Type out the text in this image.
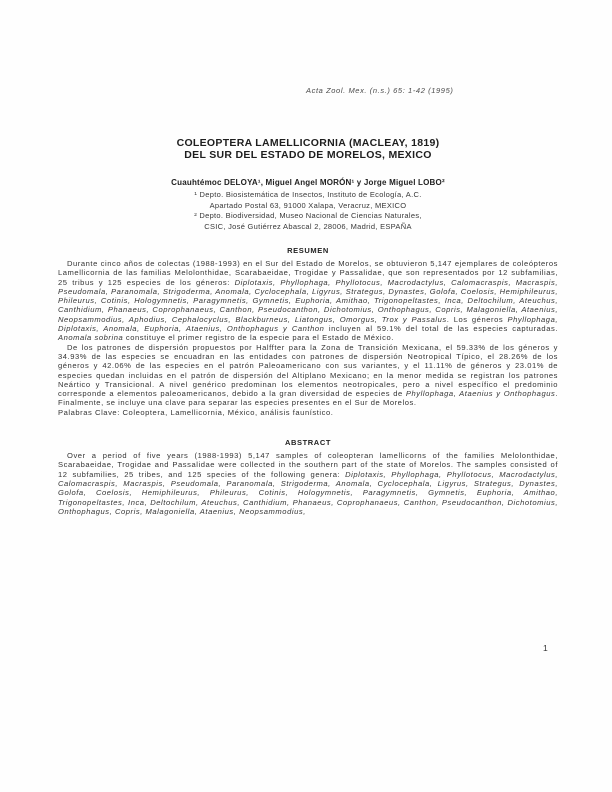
Acta Zool. Mex. (n.s.) 65: 1-42 (1995)
COLEOPTERA LAMELLICORNIA (MACLEAY, 1819)
DEL SUR DEL ESTADO DE MORELOS, MEXICO
Cuauhtémoc DELOYA¹, Miguel Angel MORÓN¹ y Jorge Miguel LOBO²
¹ Depto. Biosistemática de Insectos, Instituto de Ecología, A.C.
Apartado Postal 63, 91000 Xalapa, Veracruz, MEXICO
² Depto. Biodiversidad, Museo Nacional de Ciencias Naturales,
CSIC, José Gutiérrez Abascal 2, 28006, Madrid, ESPAÑA
RESUMEN

Durante cinco años de colectas (1988-1993) en el Sur del Estado de Morelos, se obtuvieron 5,147 ejemplares de coleópteros Lamellicornia de las familias Melolonthidae, Scarabaeidae, Trogidae y Passalidae, que son representados por 12 subfamilias, 25 tribus y 125 especies de los géneros: Diplotaxis, Phyllophaga, Phyllotocus, Macrodactylus, Calomacraspis, Macraspis, Pseudomala, Paranomala, Strigoderma, Anomala, Cyclocephala, Ligyrus, Strategus, Dynastes, Golofa, Coelosis, Hemiphileurus, Phileurus, Cotinis, Hologymnetis, Paragymnetis, Gymnetis, Euphoria, Amithao, Trigonopeltastes, Inca, Deltochilum, Ateuchus, Canthidium, Phanaeus, Coprophanaeus, Canthon, Pseudocanthon, Dichotomius, Onthophagus, Copris, Malagoniella, Ataenius, Neopsammodius, Aphodius, Cephalocyclus, Blackburneus, Liatongus, Omorgus, Trox y Passalus. Los géneros Phyllophaga, Diplotaxis, Anomala, Euphoria, Ataenius, Onthophagus y Canthon incluyen al 59.1% del total de las especies capturadas. Anomala sobrina constituye el primer registro de la especie para el Estado de México.

De los patrones de dispersión propuestos por Halffter para la Zona de Transición Mexicana, el 59.33% de los géneros y 34.93% de las especies se encuadran en las entidades con patrones de dispersión Neotropical Típico, el 28.26% de los géneros y 42.06% de las especies en el patrón Paleoamericano con sus variantes, y el 11.11% de géneros y 23.01% de especies quedan incluidas en el patrón de dispersión del Altiplano Mexicano; en la menor medida se registran los patrones Neártico y Transicional. A nivel genérico predominan los elementos neotropicales, pero a nivel específico el predominio corresponde a elementos paleoamericanos, debido a la gran diversidad de especies de Phyllophaga, Ataenius y Onthophagus. Finalmente, se incluye una clave para separar las especies presentes en el Sur de Morelos.

Palabras Clave: Coleoptera, Lamellicornia, México, análisis faunístico.

ABSTRACT

Over a period of five years (1988-1993) 5,147 samples of coleopteran lamellicorns of the families Melolonthidae, Scarabaeidae, Trogidae and Passalidae were collected in the southern part of the state of Morelos. The samples consisted of 12 subfamilies, 25 tribes, and 125 species of the following genera: Diplotaxis, Phyllophaga, Phyllotocus, Macrodactylus, Calomacraspis, Macraspis, Pseudomala, Paranomala, Strigoderma, Anomala, Cyclocephala, Ligyrus, Strategus, Dynastes, Golofa, Coelosis, Hemiphileurus, Phileurus, Cotinis, Hologymnetis, Paragymnetis, Gymnetis, Euphoria, Amithao, Trigonopeltastes, Inca, Deltochilum, Ateuchus, Canthidium, Phanaeus, Coprophanaeus, Canthon, Pseudocanthon, Dichotomius, Onthophagus, Copris, Malagoniella, Ataenius, Neopsammodius,

1
